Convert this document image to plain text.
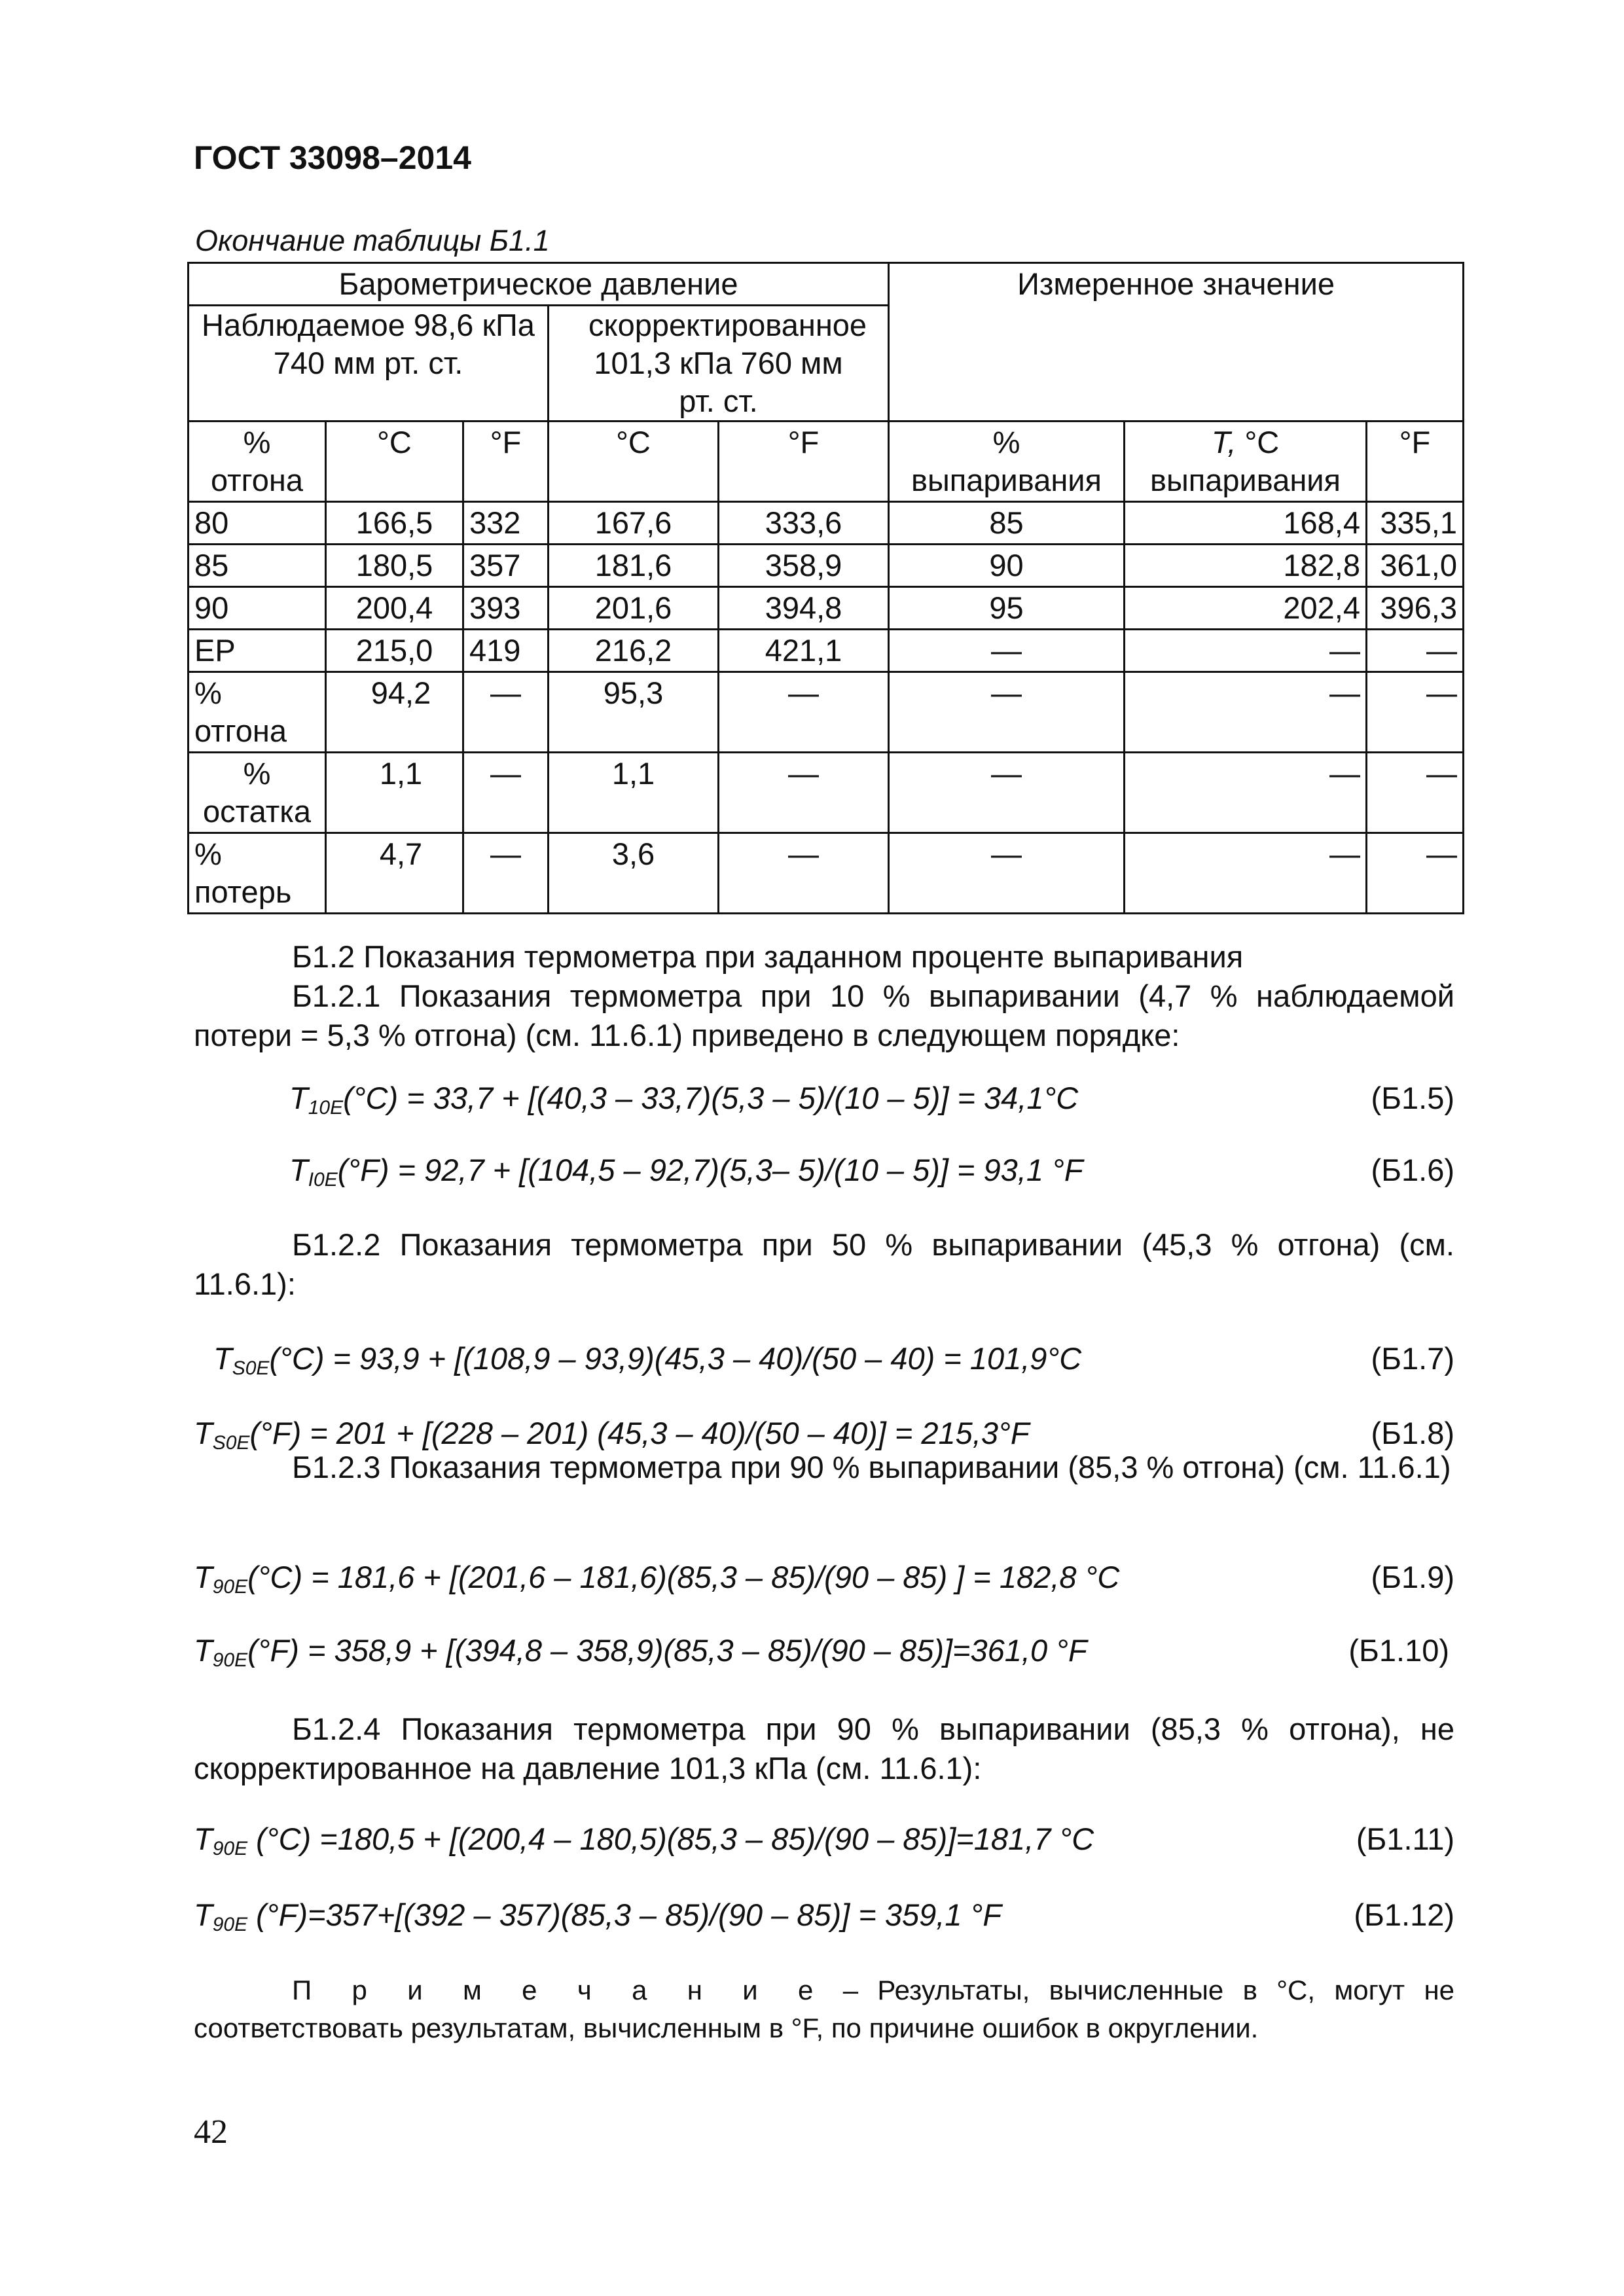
ГОСТ 33098–2014
Окончание таблицы Б1.1
Барометрическое давление					Измеренное значение		
Наблюдаемое 98,6 кПа 740 мм рт. ст.			скорректированное 101,3 кПа 760 мм рт. ст.				
% отгона	°С	°F	°С	°F	% выпаривания	Т, °С выпаривания	°F
80	166,5	332	167,6	333,6	85	168,4	335,1
85	180,5	357	181,6	358,9	90	182,8	361,0
90	200,4	393	201,6	394,8	95	202,4	396,3
ЕР	215,0	419	216,2	421,1	—	—	—
% отгона	94,2	—	95,3	—	—	—	—
% остатка	1,1	—	1,1	—	—	—	—
% потерь	4,7	—	3,6	—	—	—	—
Б1.2 Показания термометра при заданном проценте выпаривания
Б1.2.1 Показания термометра при 10 % выпаривании (4,7 % наблюдаемой потери = 5,3 % отгона) (см. 11.6.1) приведено в следующем порядке:
Б1.2.2 Показания термометра при 50 % выпаривании (45,3 % отгона) (см. 11.6.1):
Б1.2.3 Показания термометра при 90 % выпаривании (85,3 % отгона) (см. 11.6.1)
Б1.2.4 Показания термометра при 90 % выпаривании (85,3 % отгона), не скорректированное на давление 101,3 кПа (см. 11.6.1):
П р и м е ч а н и е – Результаты, вычисленные в °С, могут не соответствовать результатам, вычисленным в °F, по причине ошибок в округлении.
$T_{10E}(^\circ C) = 33,7 + [(40,3 - 33,7)(5,3 - 5)/(10 - 5)] = 34,1^\circ C$	(Б1.5)
$T_{I0E}(^\circ F) = 92,7 + [(104,5 - 92,7)(5,3-$ 5)/(10 – 5)] = 93,1 °F	(Б1.6)
$T_{S0E}(^\circ C) = 93,9 + [(108,9 - 93,9)(45,3 - 40)/(50 - 40) = 101,9^\circ C$	(Б1.7)
$T_{S0E}(^\circ F) = 201 + [(228 - 201)$ (45,3 – 40)/(50 – 40)] = 215,3°F	(Б1.8)
$T_{90E}(^\circ C) = 181,6 + [(201,6 - 181,6)(85,3 - 85)/(90 - 85)$ ] = 182,8 °C	(Б1.9)
$T_{90E}(^\circ F) = 358,9 + [(394,8 - 358,9)(85,3 - 85)/(90 - 85)]=361,0$ °F	(Б1.10)
$T_{90E}$ (°C) =180,5 + [(200,4 – 180,5)(85,3 – 85)/(90 – 85)]=181,7 °C	(Б1.11)
$T_{90E}$ (°F)=357+[(392 – 357)(85,3 – 85)/(90 – 85)] = 359,1 °F	(Б1.12)
42
